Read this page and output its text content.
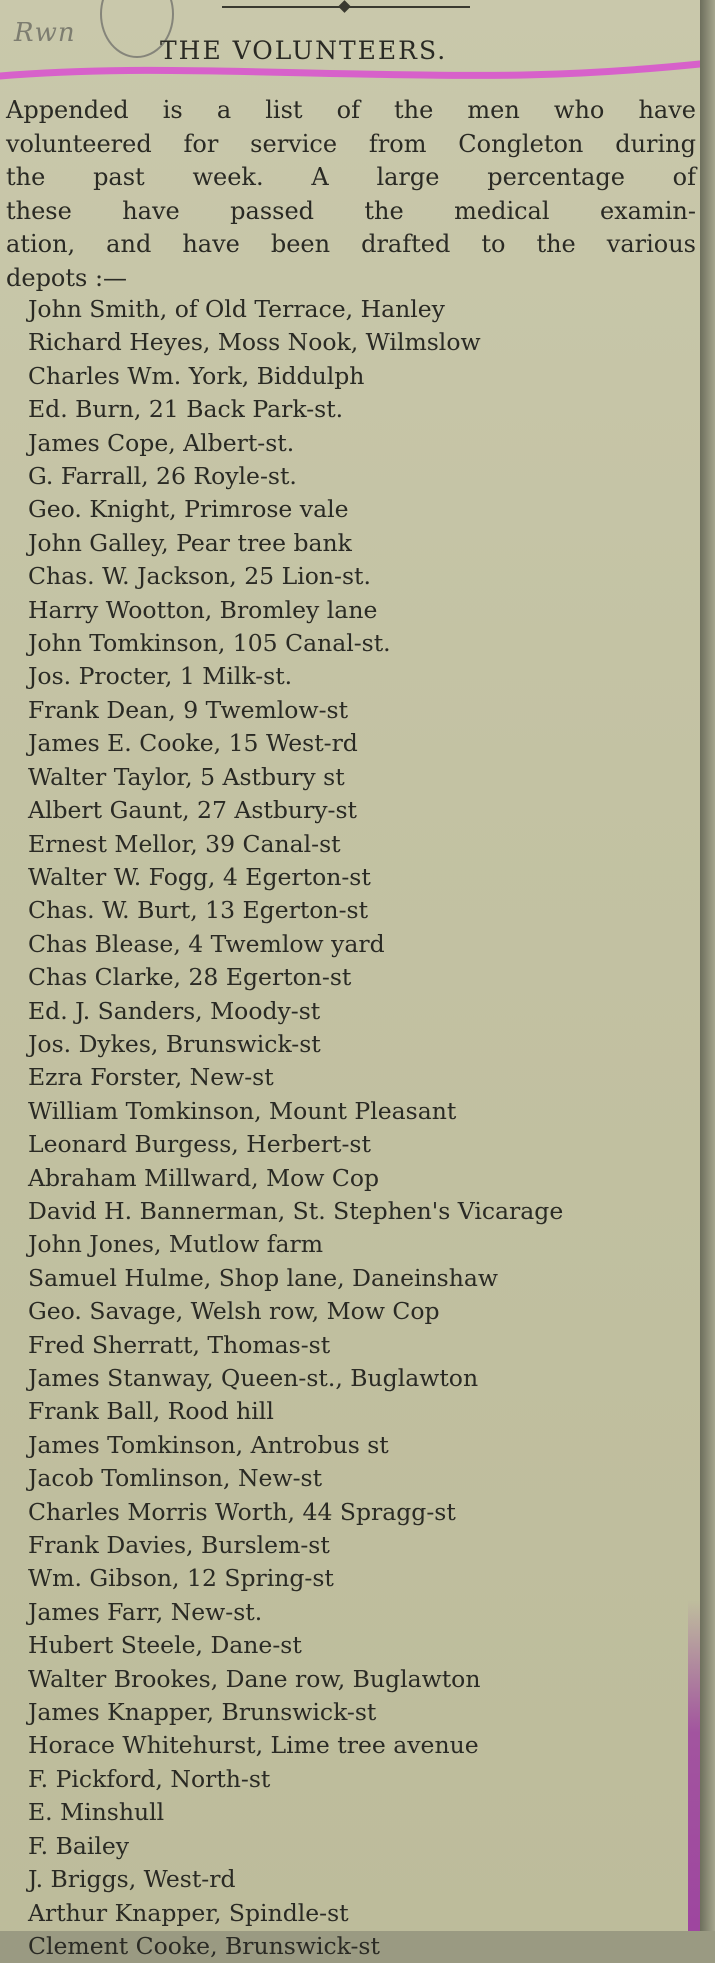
Rwn
THE VOLUNTEERS.
Appended is a list of the men who have
volunteered for service from Congleton during
the past week. A large percentage of
these have passed the medical examin-
ation, and have been drafted to the various
depots :—
John Smith, of Old Terrace, Hanley
Richard Heyes, Moss Nook, Wilmslow
Charles Wm. York, Biddulph
Ed. Burn, 21 Back Park-st.
James Cope, Albert-st.
G. Farrall, 26 Royle-st.
Geo. Knight, Primrose vale
John Galley, Pear tree bank
Chas. W. Jackson, 25 Lion-st.
Harry Wootton, Bromley lane
John Tomkinson, 105 Canal-st.
Jos. Procter, 1 Milk-st.
Frank Dean, 9 Twemlow-st
James E. Cooke, 15 West-rd
Walter Taylor, 5 Astbury st
Albert Gaunt, 27 Astbury-st
Ernest Mellor, 39 Canal-st
Walter W. Fogg, 4 Egerton-st
Chas. W. Burt, 13 Egerton-st
Chas Blease, 4 Twemlow yard
Chas Clarke, 28 Egerton-st
Ed. J. Sanders, Moody-st
Jos. Dykes, Brunswick-st
Ezra Forster, New-st
William Tomkinson, Mount Pleasant
Leonard Burgess, Herbert-st
Abraham Millward, Mow Cop
David H. Bannerman, St. Stephen's Vicarage
John Jones, Mutlow farm
Samuel Hulme, Shop lane, Daneinshaw
Geo. Savage, Welsh row, Mow Cop
Fred Sherratt, Thomas-st
James Stanway, Queen-st., Buglawton
Frank Ball, Rood hill
James Tomkinson, Antrobus st
Jacob Tomlinson, New-st
Charles Morris Worth, 44 Spragg-st
Frank Davies, Burslem-st
Wm. Gibson, 12 Spring-st
James Farr, New-st.
Hubert Steele, Dane-st
Walter Brookes, Dane row, Buglawton
James Knapper, Brunswick-st
Horace Whitehurst, Lime tree avenue
F. Pickford, North-st
E. Minshull
F. Bailey
J. Briggs, West-rd
Arthur Knapper, Spindle-st
Clement Cooke, Brunswick-st
